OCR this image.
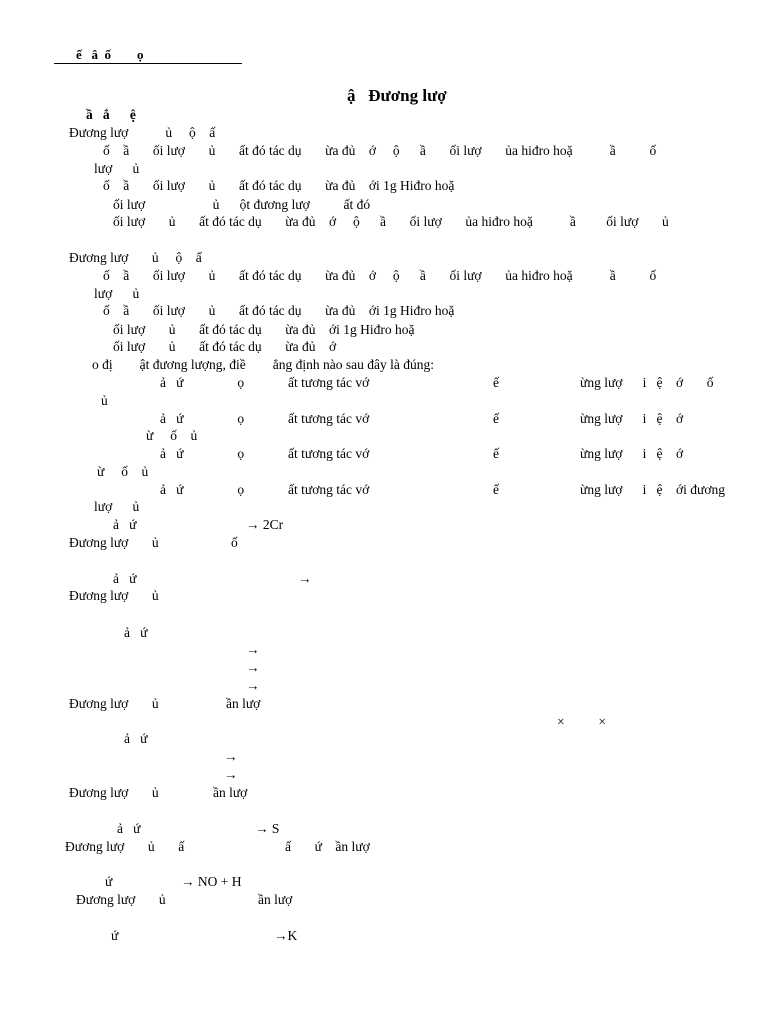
ế   â  ố        ọ
ậ   Đương lượ
ầ   ắ      ệ
Đương lượ           ủ     ộ    ấ
ố    ầ       ối lượ       ủ       ất đó tác dụ       ừa đủ    ớ     ộ      ầ       ối lượ       ủa hiđro hoặ           ầ          ố
lượ      ủ
ố    ầ       ối lượ       ủ       ất đó tác dụ       ừa đủ    ới 1g Hiđro hoặ
ối lượ                    ủ      ột đương lượ          ất đó
ối lượ       ủ       ất đó tác dụ       ừa đủ    ớ     ộ      ầ       ối lượ       ủa hiđro hoặ           ầ         ối lượ       ủ
Đương lượ       ủ     ộ    ấ
ố    ầ       ối lượ       ủ       ất đó tác dụ       ừa đủ    ớ     ộ      ầ       ối lượ       ủa hiđro hoặ           ầ          ố
lượ      ủ
ố    ầ       ối lượ       ủ       ất đó tác dụ       ừa đủ    ới 1g Hiđro hoặ
ối lượ       ủ       ất đó tác dụ       ừa đủ    ới 1g Hiđro hoặ
ối lượ       ủ       ất đó tác dụ       ừa đủ    ớ
o đị        ật đương lượng, điề        ẳng định nào sau đây là đúng:
ả   ứ                ọ             ất tương tác vớ	ế	ừng lượ      i   ệ    ớ       ố
ủ
ả   ứ                ọ             ất tương tác vớ	ế	ừng lượ      i   ệ    ớ
ừ     ố    ủ
ả   ứ                ọ             ất tương tác vớ	ế	ừng lượ      i   ệ    ớ
ừ     ố    ủ
ả   ứ                ọ             ất tương tác vớ	ế	ừng lượ      i   ệ    ới đương
lượ      ủ
ả   ứ	→ 2Cr
Đương lượ       ủ	ố
ả   ứ	→
Đương lượ       ủ
ả   ứ
→
→
→
Đương lượ       ủ	ần lượ
×          ×
ả   ứ
→
→
Đương lượ       ủ	ần lượ
ả   ứ	→ S
Đương lượ       ủ       ấ	ấ       ứ    ần lượ
ứ	→ NO + H
Đương lượ       ủ	ần lượ
ứ	→K
